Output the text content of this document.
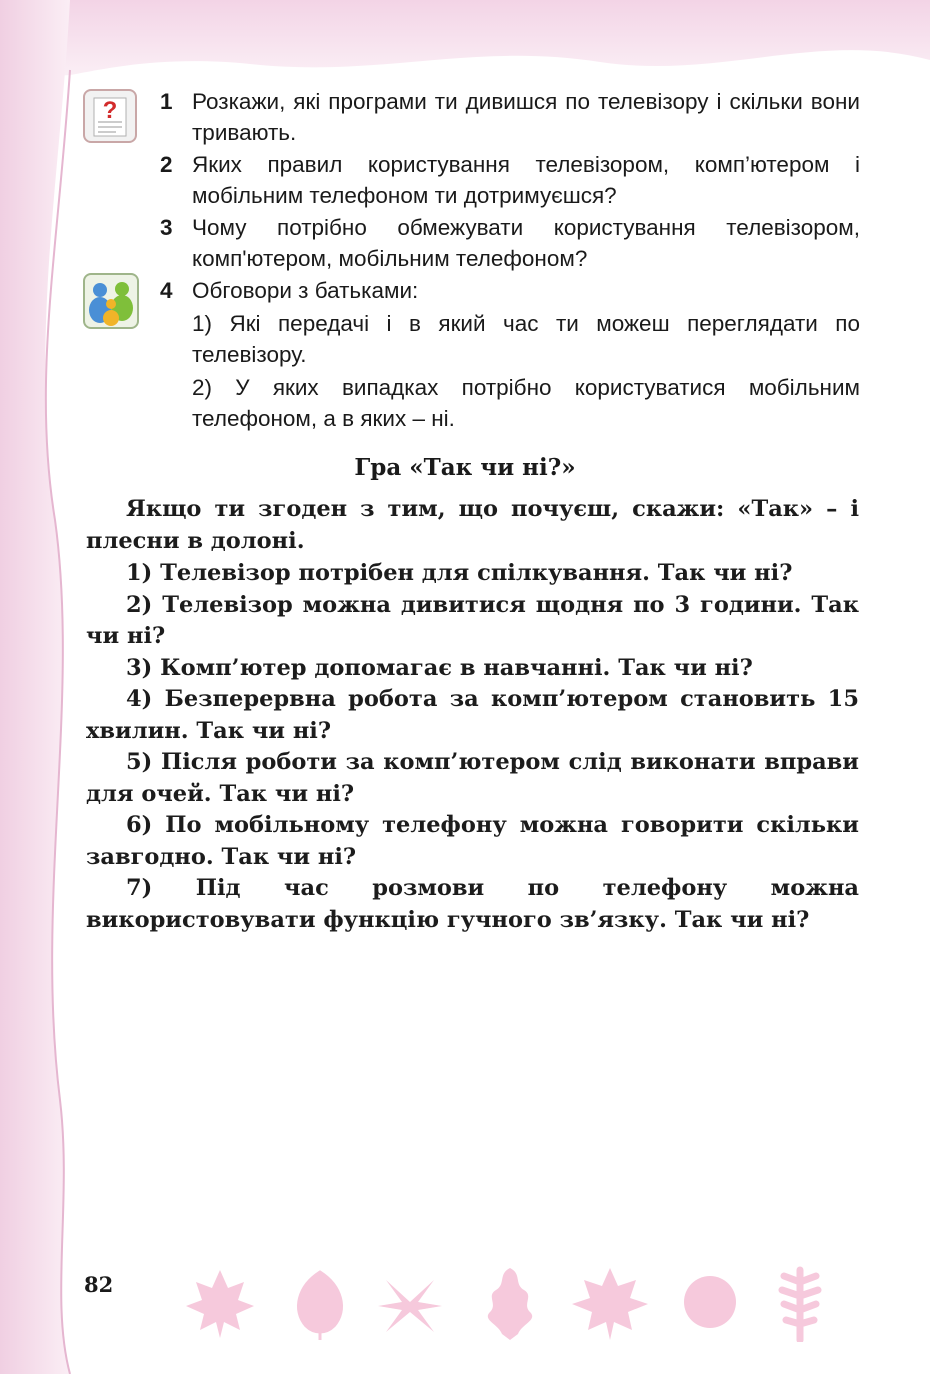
? 1 Розкажи, які програми ти дивишся по телевізору і скільки вони тривають.
2 Яких правил користування телевізором, комп’ютером і мобільним телефоном ти дотримуєшся?
3 Чому потрібно обмежувати користування телевізором, комп'ютером, мобільним телефоном?
4 Обговори з батьками:
1) Які передачі і в який час ти можеш переглядати по телевізору.
2) У яких випадках потрібно користуватися мобільним телефоном, а в яких – ні.
Гра «Так чи ні?»

Якщо ти згоден з тим, що почуєш, скажи: «Так» – і плесни в долоні.

1) Телевізор потрібен для спілкування. Так чи ні?

2) Телевізор можна дивитися щодня по 3 години. Так чи ні?

3) Комп’ютер допомагає в навчанні. Так чи ні?

4) Безперервна робота за комп’ютером становить 15 хвилин. Так чи ні?

5) Після роботи за комп’ютером слід виконати вправи для очей. Так чи ні?

6) По мобільному телефону можна говорити скільки завгодно. Так чи ні?

7) Під час розмови по телефону можна використовувати функцію гучного зв’язку. Так чи ні?

82
